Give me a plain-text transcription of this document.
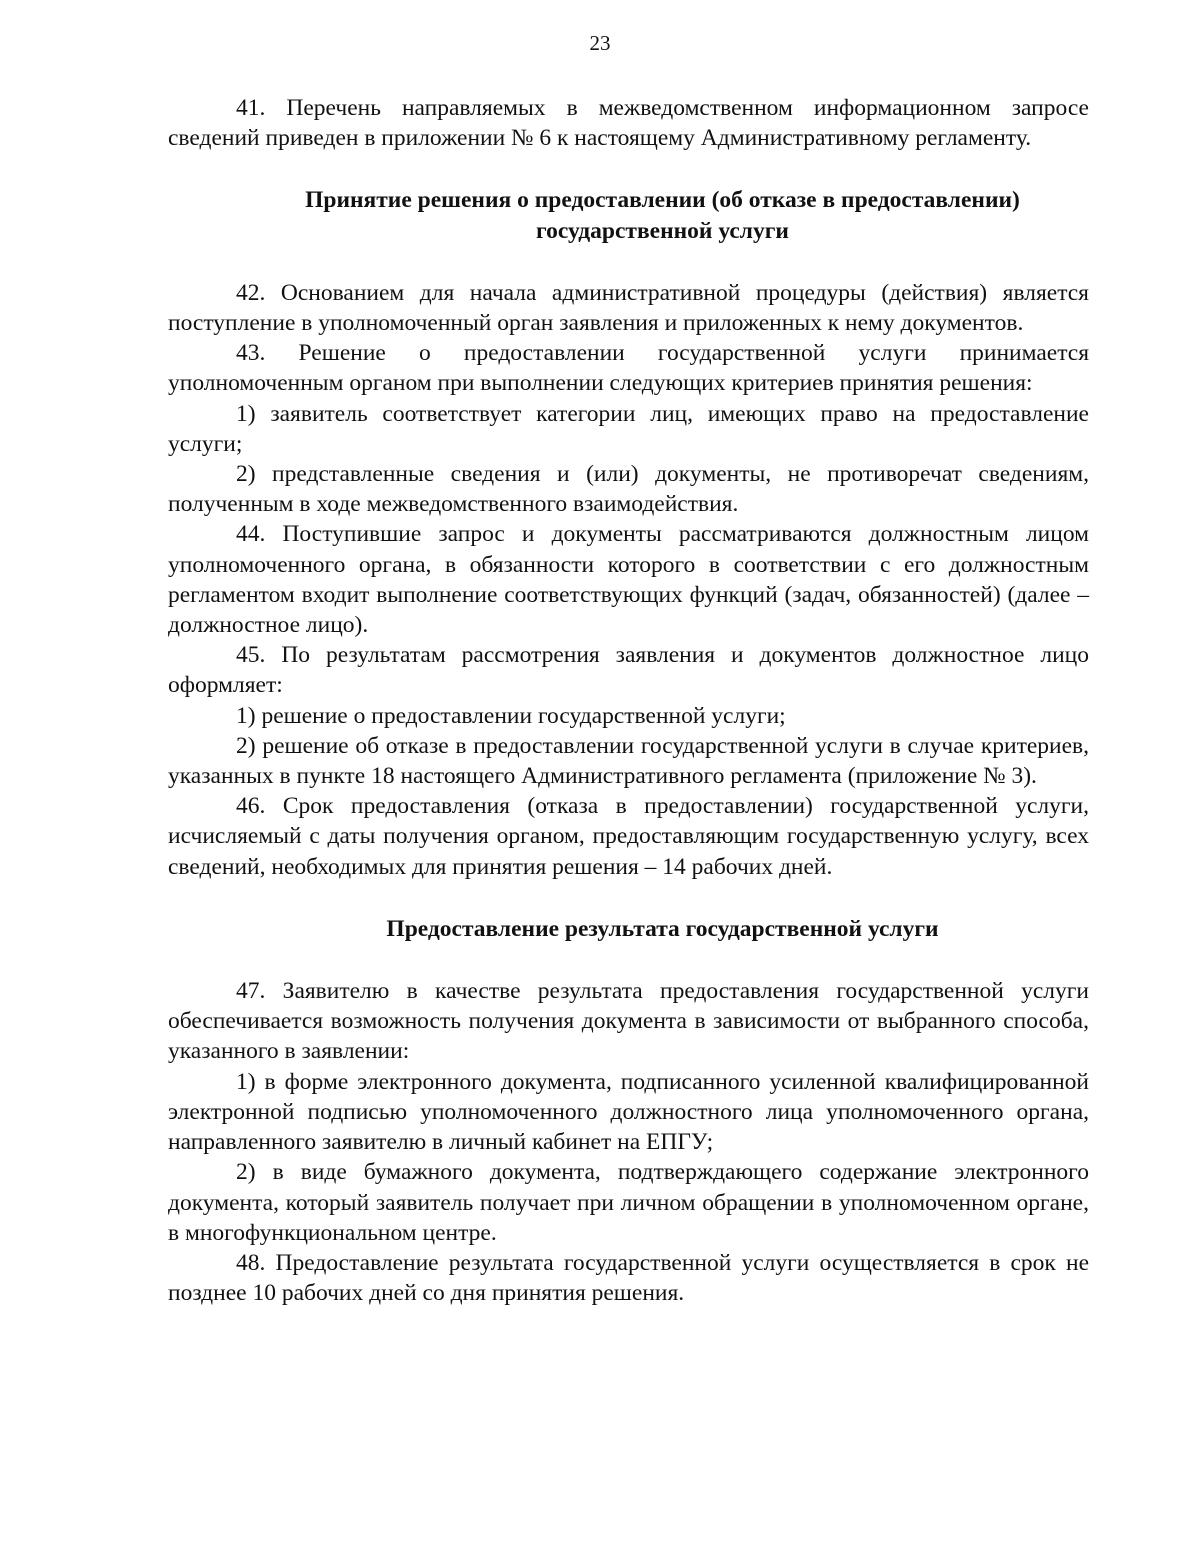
23

41. Перечень направляемых в межведомственном информационном запросе сведений приведен в приложении № 6 к настоящему Административному регламенту.

Принятие решения о предоставлении (об отказе в предоставлении)
государственной услуги

42. Основанием для начала административной процедуры (действия) является поступление в уполномоченный орган заявления и приложенных к нему документов.

43. Решение о предоставлении государственной услуги принимается уполномоченным органом при выполнении следующих критериев принятия решения:

1) заявитель соответствует категории лиц, имеющих право на предоставление услуги;

2) представленные сведения и (или) документы, не противоречат сведениям, полученным в ходе межведомственного взаимодействия.

44. Поступившие запрос и документы рассматриваются должностным лицом уполномоченного органа, в обязанности которого в соответствии с его должностным регламентом входит выполнение соответствующих функций (задач, обязанностей) (далее – должностное лицо).

45. По результатам рассмотрения заявления и документов должностное лицо оформляет:

1) решение о предоставлении государственной услуги;

2) решение об отказе в предоставлении государственной услуги в случае критериев, указанных в пункте 18 настоящего Административного регламента (приложение № 3).

46. Срок предоставления (отказа в предоставлении) государственной услуги, исчисляемый с даты получения органом, предоставляющим государственную услугу, всех сведений, необходимых для принятия решения – 14 рабочих дней.

Предоставление результата государственной услуги

47. Заявителю в качестве результата предоставления государственной услуги обеспечивается возможность получения документа в зависимости от выбранного способа, указанного в заявлении:

1) в форме электронного документа, подписанного усиленной квалифицированной электронной подписью уполномоченного должностного лица уполномоченного органа, направленного заявителю в личный кабинет на ЕПГУ;

2) в виде бумажного документа, подтверждающего содержание электронного документа, который заявитель получает при личном обращении в уполномоченном органе, в многофункциональном центре.

48. Предоставление результата государственной услуги осуществляется в срок не позднее 10 рабочих дней со дня принятия решения.
